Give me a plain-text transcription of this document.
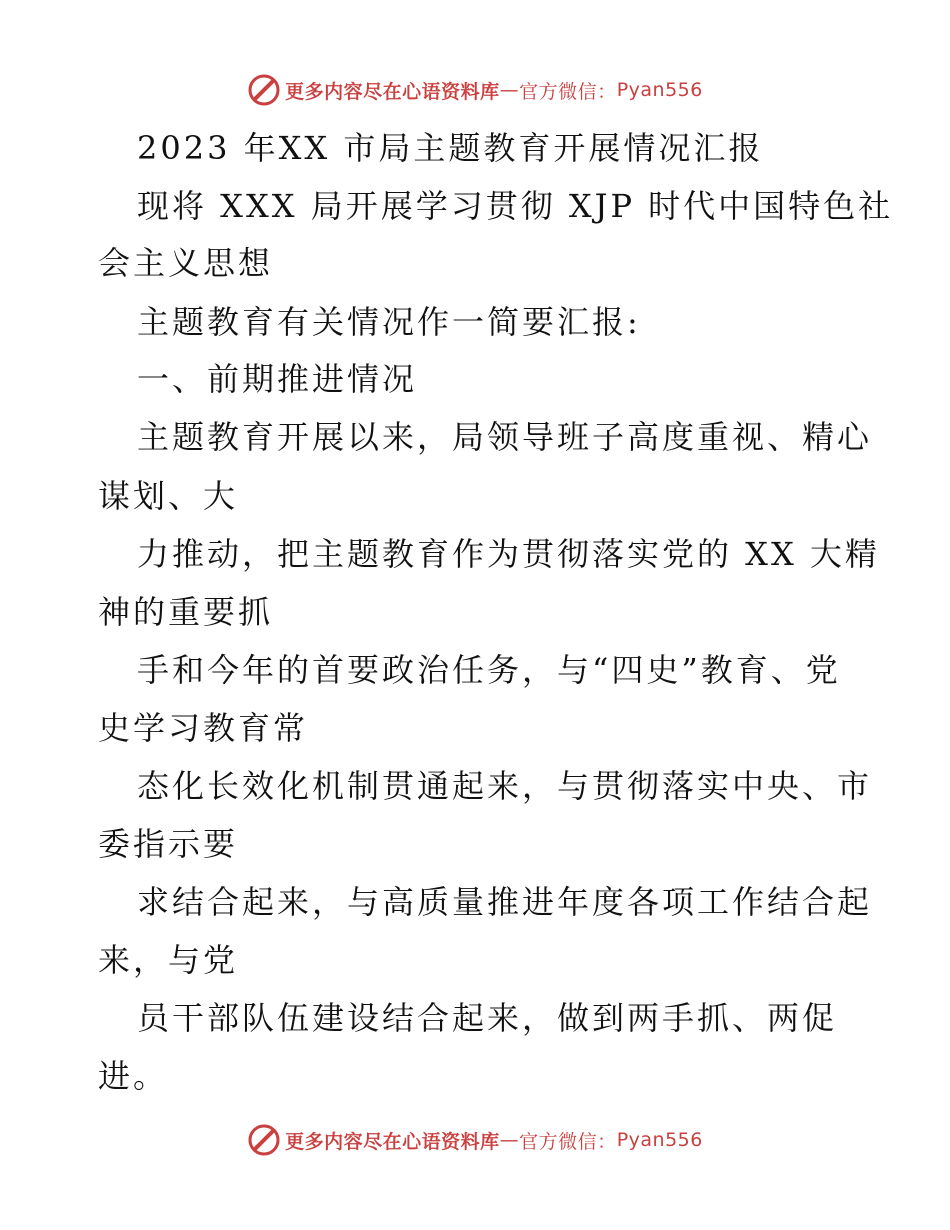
更多内容尽在心语资料库 — 官方微信： Pyan556
2023 年XX 市局主题教育开展情况汇报
现将 XXX 局开展学习贯彻 XJP 时代中国特色社
会主义思想
主题教育有关情况作一简要汇报:
一、前期推进情况
主题教育开展以来，局领导班子高度重视、精心
谋划、大
力推动，把主题教育作为贯彻落实党的 XX 大精
神的重要抓
手和今年的首要政治任务，与“四史”教育、党
史学习教育常
态化长效化机制贯通起来，与贯彻落实中央、市
委指示要
求结合起来，与高质量推进年度各项工作结合起
来，与党
员干部队伍建设结合起来，做到两手抓、两促
进。
更多内容尽在心语资料库 — 官方微信： Pyan556
